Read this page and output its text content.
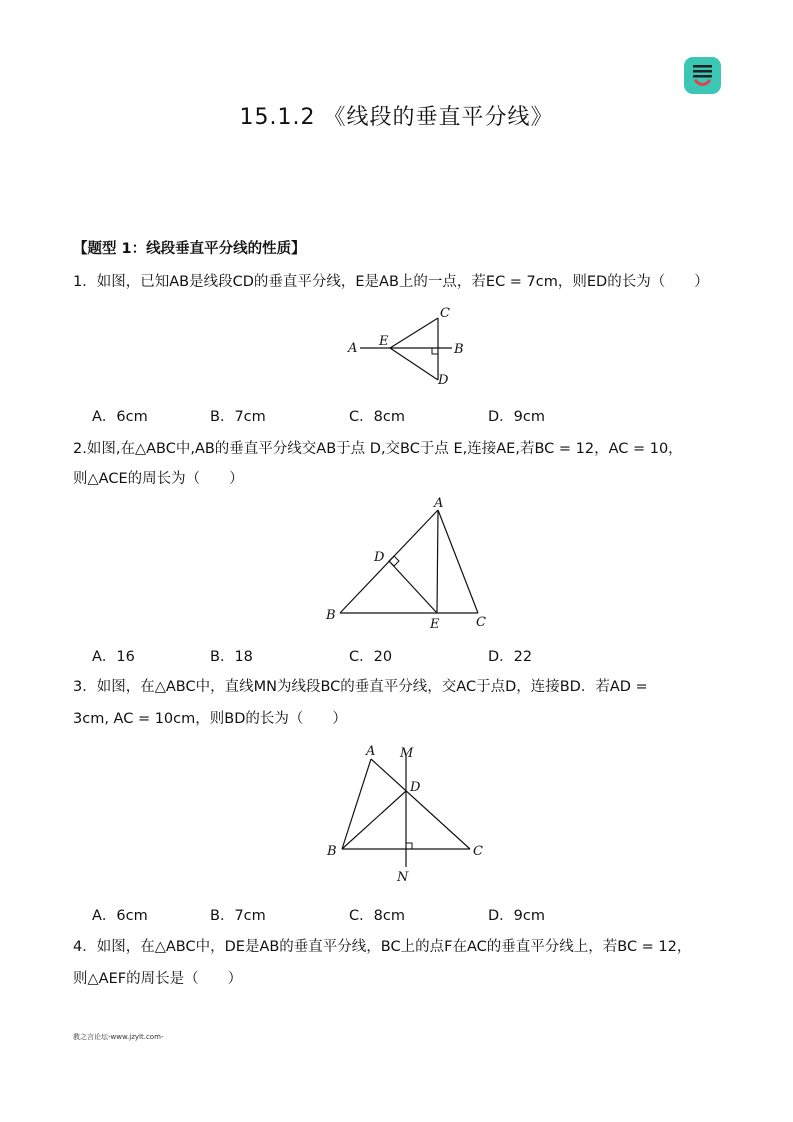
15.1.2 《线段的垂直平分线》
【题型 1：线段垂直平分线的性质】
1．如图，已知AB是线段CD的垂直平分线，E是AB上的一点，若EC = 7cm，则ED的长为（　　）
A E
B
C
D
A．6cm	B．7cm	C．8cm	D．9cm
2.如图,在△ABC中,AB的垂直平分线交AB于点 D,交BC于点 E,连接AE,若BC = 12，AC = 10，
则△ACE的周长为（　　）
A
D
B
E	C
A．16	B．18	C．20	D．22
3．如图，在△ABC中，直线MN为线段BC的垂直平分线，交AC于点D，连接BD．若AD =
3cm, AC = 10cm，则BD的长为（　　）
A M
D
B	C
N
A．6cm	B．7cm	C．8cm	D．9cm
4．如图，在△ABC中，DE是AB的垂直平分线，BC上的点F在AC的垂直平分线上，若BC = 12，
则△AEF的周长是（　　）
教之言论坛-www.jzylt.com-
